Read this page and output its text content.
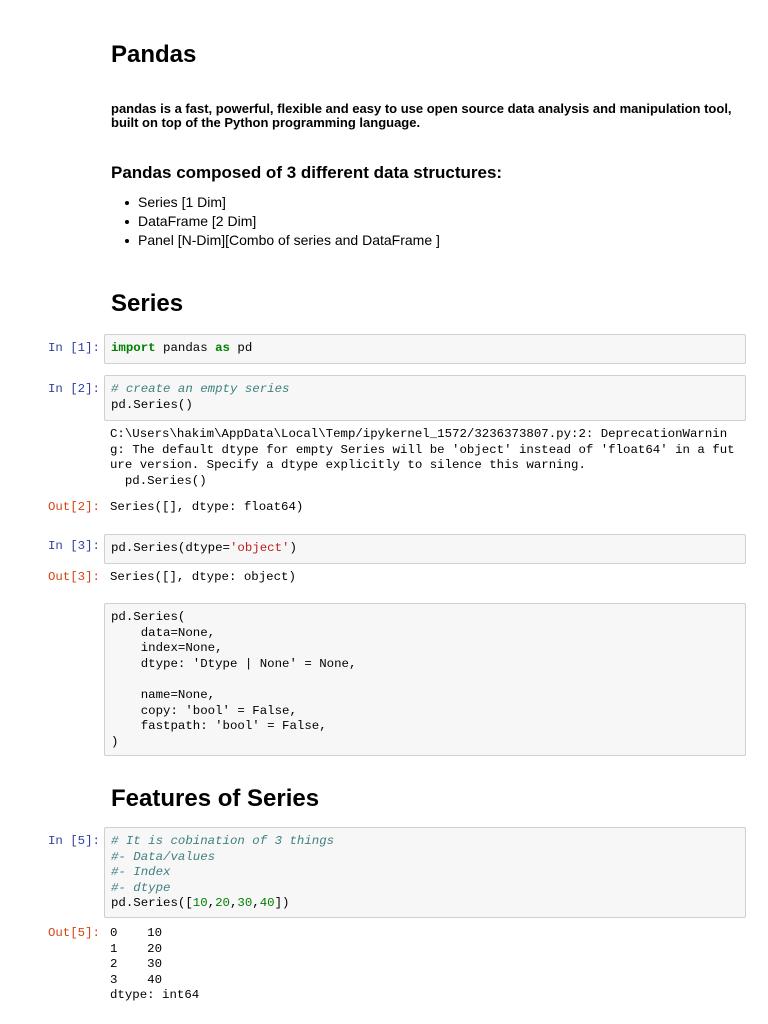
Pandas
pandas is a fast, powerful, flexible and easy to use open source data analysis and manipulation tool, built on top of the Python programming language.
Pandas composed of 3 different data structures:
Series [1 Dim]
DataFrame [2 Dim]
Panel [N-Dim][Combo of series and DataFrame ]
Series
In [1]: import pandas as pd
In [2]: # create an empty series
pd.Series()
C:\Users\hakim\AppData\Local\Temp/ipykernel_1572/3236373807.py:2: DeprecationWarnin
g: The default dtype for empty Series will be 'object' instead of 'float64' in a fut
ure version. Specify a dtype explicitly to silence this warning.
pd.Series()
Out[2]: Series([], dtype: float64)
In [3]: pd.Series(dtype='object')
Out[3]: Series([], dtype: object)
pd.Series(
data=None,
index=None,
dtype: 'Dtype | None' = None,

name=None,
copy: 'bool' = False,
fastpath: 'bool' = False,
)
Features of Series
In [5]: # It is cobination of 3 things
#- Data/values
#- Index
#- dtype
pd.Series([10,20,30,40])
Out[5]: 0    10
1    20
2    30
3    40
dtype: int64
